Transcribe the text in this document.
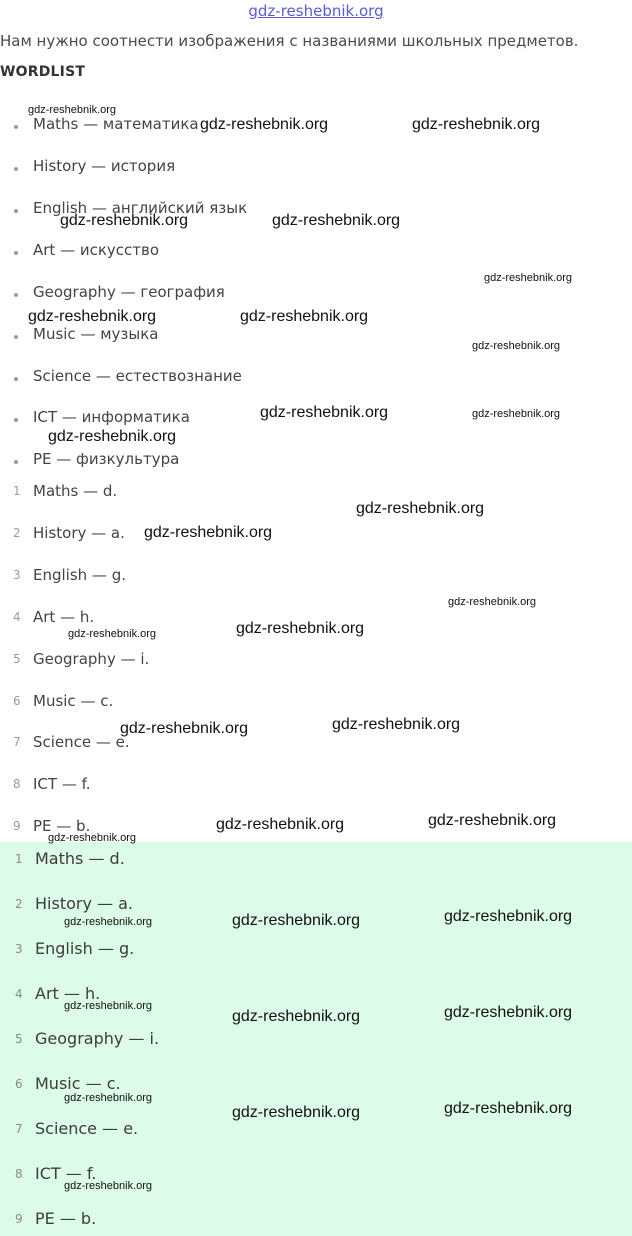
gdz-reshebnik.org
Нам нужно соотнести изображения с названиями школьных предметов.
WORDLIST
Maths — математика
History — история
English — английский язык
Art — искусство
Geography — география
Music — музыка
Science — естествознание
ICT — информатика
PE — физкультура
1 Maths — d.
2 History — a.
3 English — g.
4 Art — h.
5 Geography — i.
6 Music — c.
7 Science — e.
8 ICT — f.
9 PE — b.
1 Maths — d.
2 History — a.
3 English — g.
4 Art — h.
5 Geography — i.
6 Music — c.
7 Science — e.
8 ICT — f.
9 PE — b.
gdz-reshebnik.org
gdz-reshebnik.org	gdz-reshebnik.org
gdz-reshebnik.org	gdz-reshebnik.org
gdz-reshebnik.org
gdz-reshebnik.org	gdz-reshebnik.org
gdz-reshebnik.org
gdz-reshebnik.org	gdz-reshebnik.org
gdz-reshebnik.org
gdz-reshebnik.org
gdz-reshebnik.org
gdz-reshebnik.org
gdz-reshebnik.org
gdz-reshebnik.org
gdz-reshebnik.org
gdz-reshebnik.org
gdz-reshebnik.org
gdz-reshebnik.org
gdz-reshebnik.org
gdz-reshebnik.org
gdz-reshebnik.org
gdz-reshebnik.org
gdz-reshebnik.org	gdz-reshebnik.org
gdz-reshebnik.org
gdz-reshebnik.org
gdz-reshebnik.org
gdz-reshebnik.org
gdz-reshebnik.org
